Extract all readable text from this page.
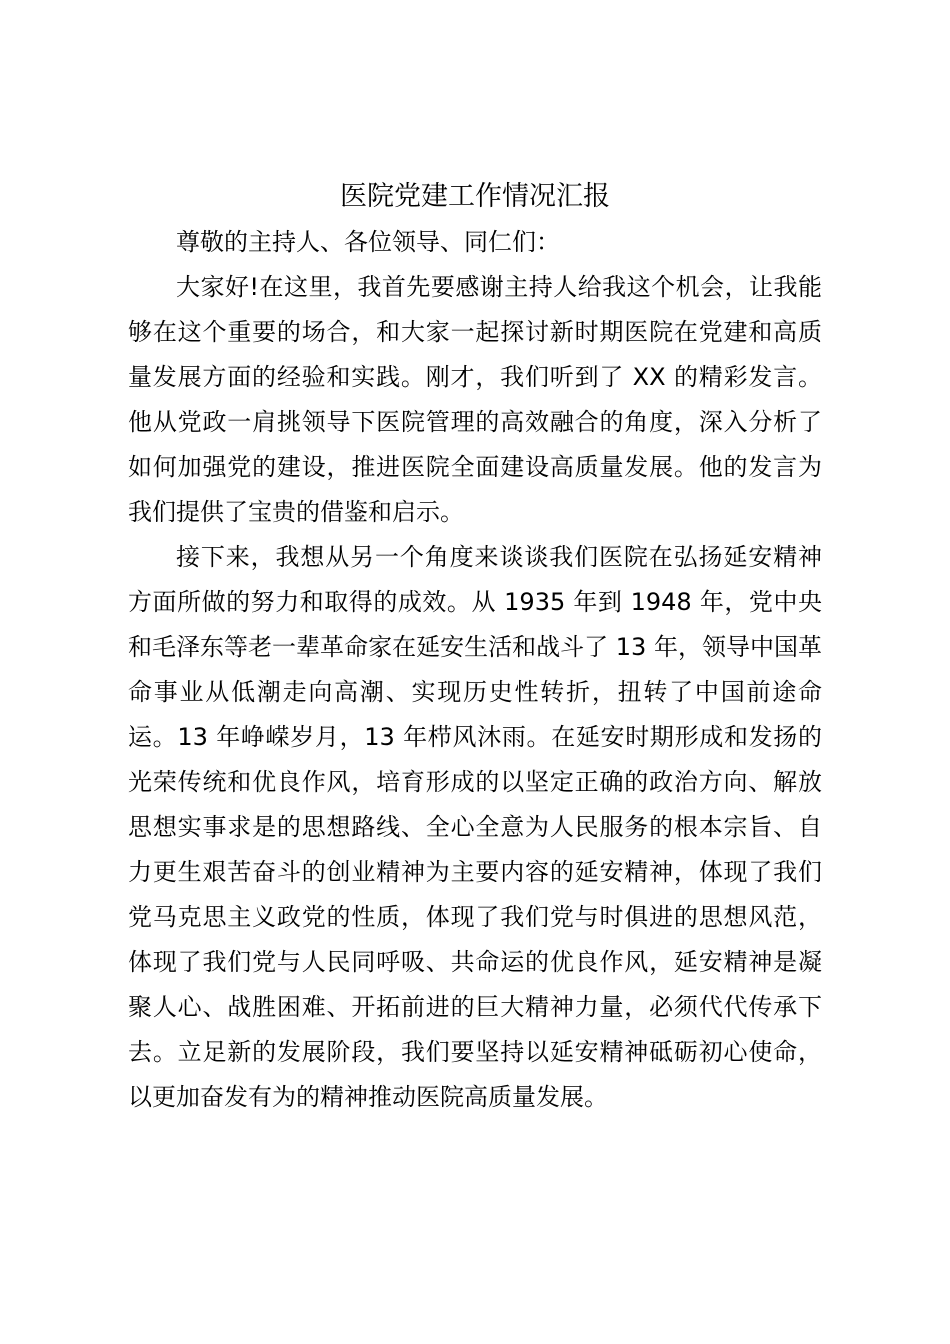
医院党建工作情况汇报

尊敬的主持人、各位领导、同仁们：

大家好!在这里，我首先要感谢主持人给我这个机会，让我能够在这个重要的场合，和大家一起探讨新时期医院在党建和高质量发展方面的经验和实践。刚才，我们听到了 XX 的精彩发言。他从党政一肩挑领导下医院管理的高效融合的角度，深入分析了如何加强党的建设，推进医院全面建设高质量发展。他的发言为我们提供了宝贵的借鉴和启示。

接下来，我想从另一个角度来谈谈我们医院在弘扬延安精神方面所做的努力和取得的成效。从 1935 年到 1948 年，党中央和毛泽东等老一辈革命家在延安生活和战斗了 13 年，领导中国革命事业从低潮走向高潮、实现历史性转折，扭转了中国前途命运。13 年峥嵘岁月，13 年栉风沐雨。在延安时期形成和发扬的光荣传统和优良作风，培育形成的以坚定正确的政治方向、解放思想实事求是的思想路线、全心全意为人民服务的根本宗旨、自力更生艰苦奋斗的创业精神为主要内容的延安精神，体现了我们党马克思主义政党的性质，体现了我们党与时俱进的思想风范，体现了我们党与人民同呼吸、共命运的优良作风，延安精神是凝聚人心、战胜困难、开拓前进的巨大精神力量，必须代代传承下去。立足新的发展阶段，我们要坚持以延安精神砥砺初心使命，以更加奋发有为的精神推动医院高质量发展。
